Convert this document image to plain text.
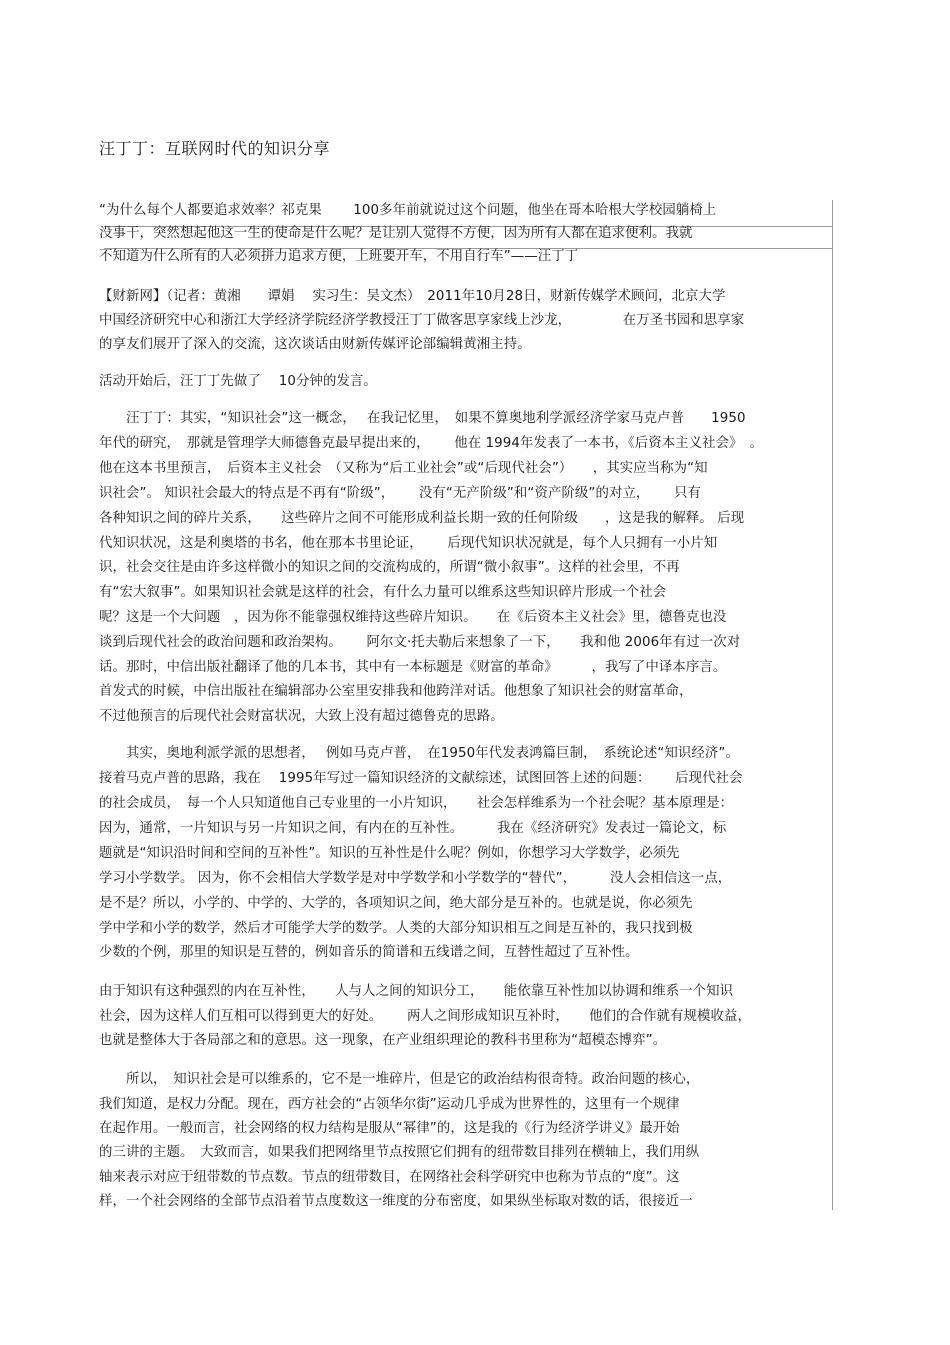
汪丁丁：互联网时代的知识分享
“为什么每个人都要追求效率？祁克果　　 100多年前就说过这个问题，他坐在哥本哈根大学校园躺椅上
没事干，突然想起他这一生的使命是什么呢？是让别人觉得不方便，因为所有人都在追求便利。我就
不知道为什么所有的人必须拼力追求方便，上班要开车，不用自行车”——汪丁丁
【财新网】（记者：黄湘　　谭娟　 实习生：吴文杰）　2011年10月28日，财新传媒学术顾问，北京大学
中国经济研究中心和浙江大学经济学院经济学教授汪丁丁做客思享家线上沙龙，　　　　 在万圣书园和思享家
的享友们展开了深入的交流，这次谈话由财新传媒评论部编辑黄湘主持。
活动开始后，汪丁丁先做了　 10分钟的发言。
　　汪丁丁：其实，“知识社会”这一概念，　 在我记忆里，　如果不算奥地利学派经济学家马克卢普　　1950
年代的研究，　那就是管理学大师德鲁克最早提出来的，　　 他在 1994年发表了一本书，《后资本主义社会》　。
他在这本书里预言，　后资本主义社会　（又称为“后工业社会”或“后现代社会”）　　，其实应当称为“知
识社会”。 知识社会最大的特点是不再有“阶级”，　　 没有“无产阶级”和“资产阶级”的对立，　　 只有
各种知识之间的碎片关系，　　这些碎片之间不可能形成利益长期一致的任何阶级　　，这是我的解释。 后现
代知识状况，这是利奥塔的书名，他在那本书里论证，　　 后现代知识状况就是，每个人只拥有一小片知
识，社会交往是由许多这样微小的知识之间的交流构成的，所谓“微小叙事”。这样的社会里，不再
有“宏大叙事”。如果知识社会就是这样的社会，有什么力量可以维系这些知识碎片形成一个社会
呢？这是一个大问题　，因为你不能靠强权维持这些碎片知识。　　在《后资本主义社会》里，德鲁克也没
谈到后现代社会的政治问题和政治架构。　　 阿尔文·托夫勒后来想象了一下，　　我和他 2006年有过一次对
话。那时，中信出版社翻译了他的几本书，其中有一本标题是《财富的革命》　　　，我写了中译本序言。
首发式的时候，中信出版社在编辑部办公室里安排我和他跨洋对话。他想象了知识社会的财富革命，
不过他预言的后现代社会财富状况，大致上没有超过德鲁克的思路。
　　其实，奥地利派学派的思想者，　 例如马克卢普，　在1950年代发表鸿篇巨制，　系统论述“知识经济”。
接着马克卢普的思路，我在　 1995年写过一篇知识经济的文献综述，试图回答上述的问题：　　 后现代社会
的社会成员，　每一个人只知道他自己专业里的一小片知识，　　社会怎样维系为一个社会呢？基本原理是：
因为，通常，一片知识与另一片知识之间，有内在的互补性。　　　我在《经济研究》发表过一篇论文，标
题就是“知识沿时间和空间的互补性”。知识的互补性是什么呢？例如，你想学习大学数学，必须先
学习小学数学。 因为，你不会相信大学数学是对中学数学和小学数学的“替代”，　　　没人会相信这一点，
是不是？所以，小学的、中学的、大学的，各项知识之间，绝大部分是互补的。也就是说，你必须先
学中学和小学的数学，然后才可能学大学的数学。人类的大部分知识相互之间是互补的，我只找到极
少数的个例，那里的知识是互替的，例如音乐的简谱和五线谱之间，互替性超过了互补性。
由于知识有这种强烈的内在互补性，　　人与人之间的知识分工，　　能依靠互补性加以协调和维系一个知识
社会，因为这样人们互相可以得到更大的好处。　　 两人之间形成知识互补时，　　他们的合作就有规模收益，
也就是整体大于各局部之和的意思。这一现象，在产业组织理论的教科书里称为“超模态博弈”。
　　所以，　知识社会是可以维系的，它不是一堆碎片，但是它的政治结构很奇特。政治问题的核心，
我们知道，是权力分配。现在，西方社会的“占领华尔街”运动几乎成为世界性的，这里有一个规律
在起作用。一般而言，社会网络的权力结构是服从“幂律”的，这是我的《行为经济学讲义》最开始
的三讲的主题。　大致而言，如果我们把网络里节点按照它们拥有的纽带数目排列在横轴上，我们用纵
轴来表示对应于纽带数的节点数。节点的纽带数目，在网络社会科学研究中也称为节点的“度”。这
样，一个社会网络的全部节点沿着节点度数这一维度的分布密度，如果纵坐标取对数的话，很接近一
